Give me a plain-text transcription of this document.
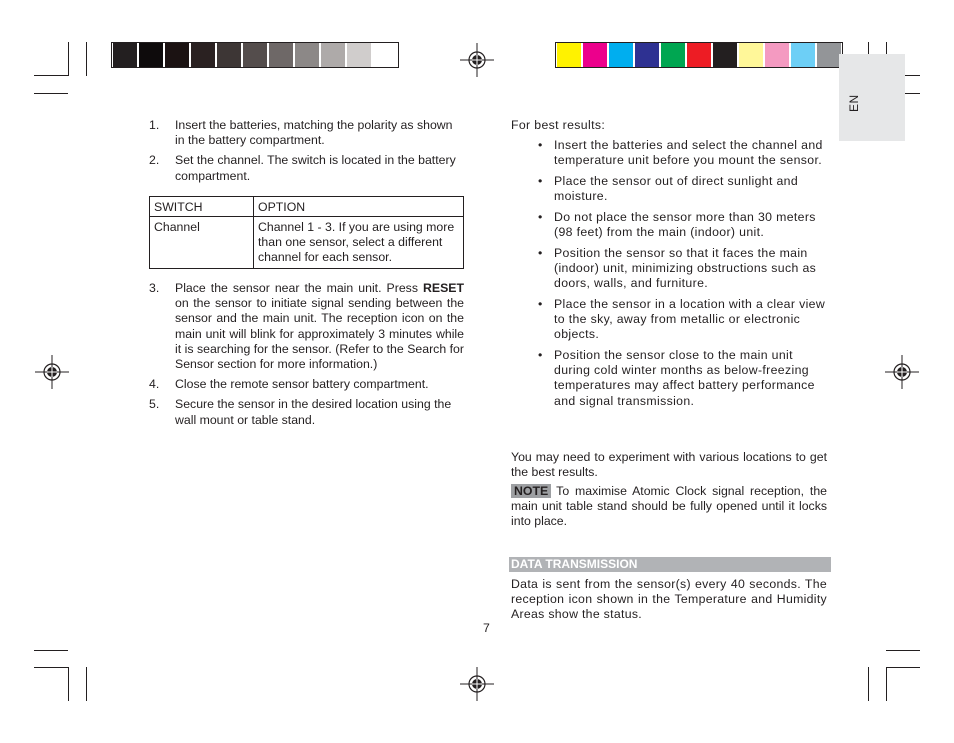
EN
1. Insert the batteries, matching the polarity as shown in the battery compartment.
2. Set the channel. The switch is located in the battery compartment.
SWITCH	OPTION
Channel	Channel 1 - 3. If you are using more than one sensor, select a different channel for each sensor.
3. Place the sensor near the main unit. Press RESET on the sensor to initiate signal sending between the sensor and the main unit. The reception icon on the main unit will blink for approximately 3 minutes while it is searching for the sensor. (Refer to the Search for Sensor section for more information.)
4. Close the remote sensor battery compartment.
5. Secure the sensor in the desired location using the wall mount or table stand.
For best results:
• Insert the batteries and select the channel and temperature unit before you mount the sensor.
• Place the sensor out of direct sunlight and moisture.
• Do not place the sensor more than 30 meters (98 feet) from the main (indoor) unit.
• Position the sensor so that it faces the main (indoor) unit, minimizing obstructions such as doors, walls, and furniture.
• Place the sensor in a location with a clear view to the sky, away from metallic or electronic objects.
• Position the sensor close to the main unit during cold winter months as below-freezing temperatures may affect battery performance and signal transmission.
You may need to experiment with various locations to get the best results.
NOTE To maximise Atomic Clock signal reception, the main unit table stand should be fully opened until it locks into place.
DATA TRANSMISSION
Data is sent from the sensor(s) every 40 seconds. The reception icon shown in the Temperature and Humidity Areas show the status.
7
